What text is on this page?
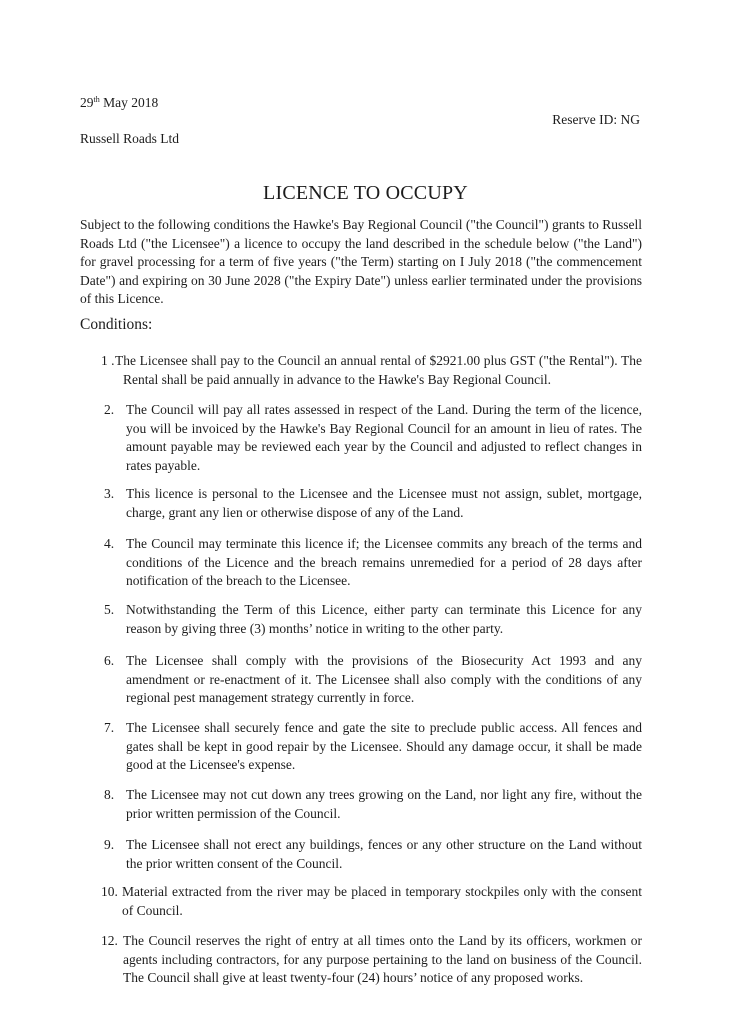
29th May 2018
Reserve ID: NG
Russell Roads Ltd
LICENCE TO OCCUPY

Subject to the following conditions the Hawke's Bay Regional Council ("the Council") grants to Russell Roads Ltd ("the Licensee") a licence to occupy the land described in the schedule below ("the Land") for gravel processing for a term of five years ("the Term) starting on I July 2018 ("the commencement Date") and expiring on 30 June 2028 ("the Expiry Date") unless earlier terminated under the provisions of this Licence.

Conditions:
1 . The Licensee shall pay to the Council an annual rental of $2921.00 plus GST ("the Rental"). The Rental shall be paid annually in advance to the Hawke's Bay Regional Council.

2. The Council will pay all rates assessed in respect of the Land. During the term of the licence, you will be invoiced by the Hawke's Bay Regional Council for an amount in lieu of rates. The amount payable may be reviewed each year by the Council and adjusted to reflect changes in rates payable.

3. This licence is personal to the Licensee and the Licensee must not assign, sublet, mortgage, charge, grant any lien or otherwise dispose of any of the Land.

4. The Council may terminate this licence if; the Licensee commits any breach of the terms and conditions of the Licence and the breach remains unremedied for a period of 28 days after notification of the breach to the Licensee.

5. Notwithstanding the Term of this Licence, either party can terminate this Licence for any reason by giving three (3) months’ notice in writing to the other party.

6. The Licensee shall comply with the provisions of the Biosecurity Act 1993 and any amendment or re-enactment of it. The Licensee shall also comply with the conditions of any regional pest management strategy currently in force.

7. The Licensee shall securely fence and gate the site to preclude public access. All fences and gates shall be kept in good repair by the Licensee. Should any damage occur, it shall be made good at the Licensee's expense.

8. The Licensee may not cut down any trees growing on the Land, nor light any fire, without the prior written permission of the Council.

9. The Licensee shall not erect any buildings, fences or any other structure on the Land without the prior written consent of the Council.

10. Material extracted from the river may be placed in temporary stockpiles only with the consent of Council.

12. The Council reserves the right of entry at all times onto the Land by its officers, workmen or agents including contractors, for any purpose pertaining to the land on business of the Council. The Council shall give at least twenty-four (24) hours’ notice of any proposed works.
